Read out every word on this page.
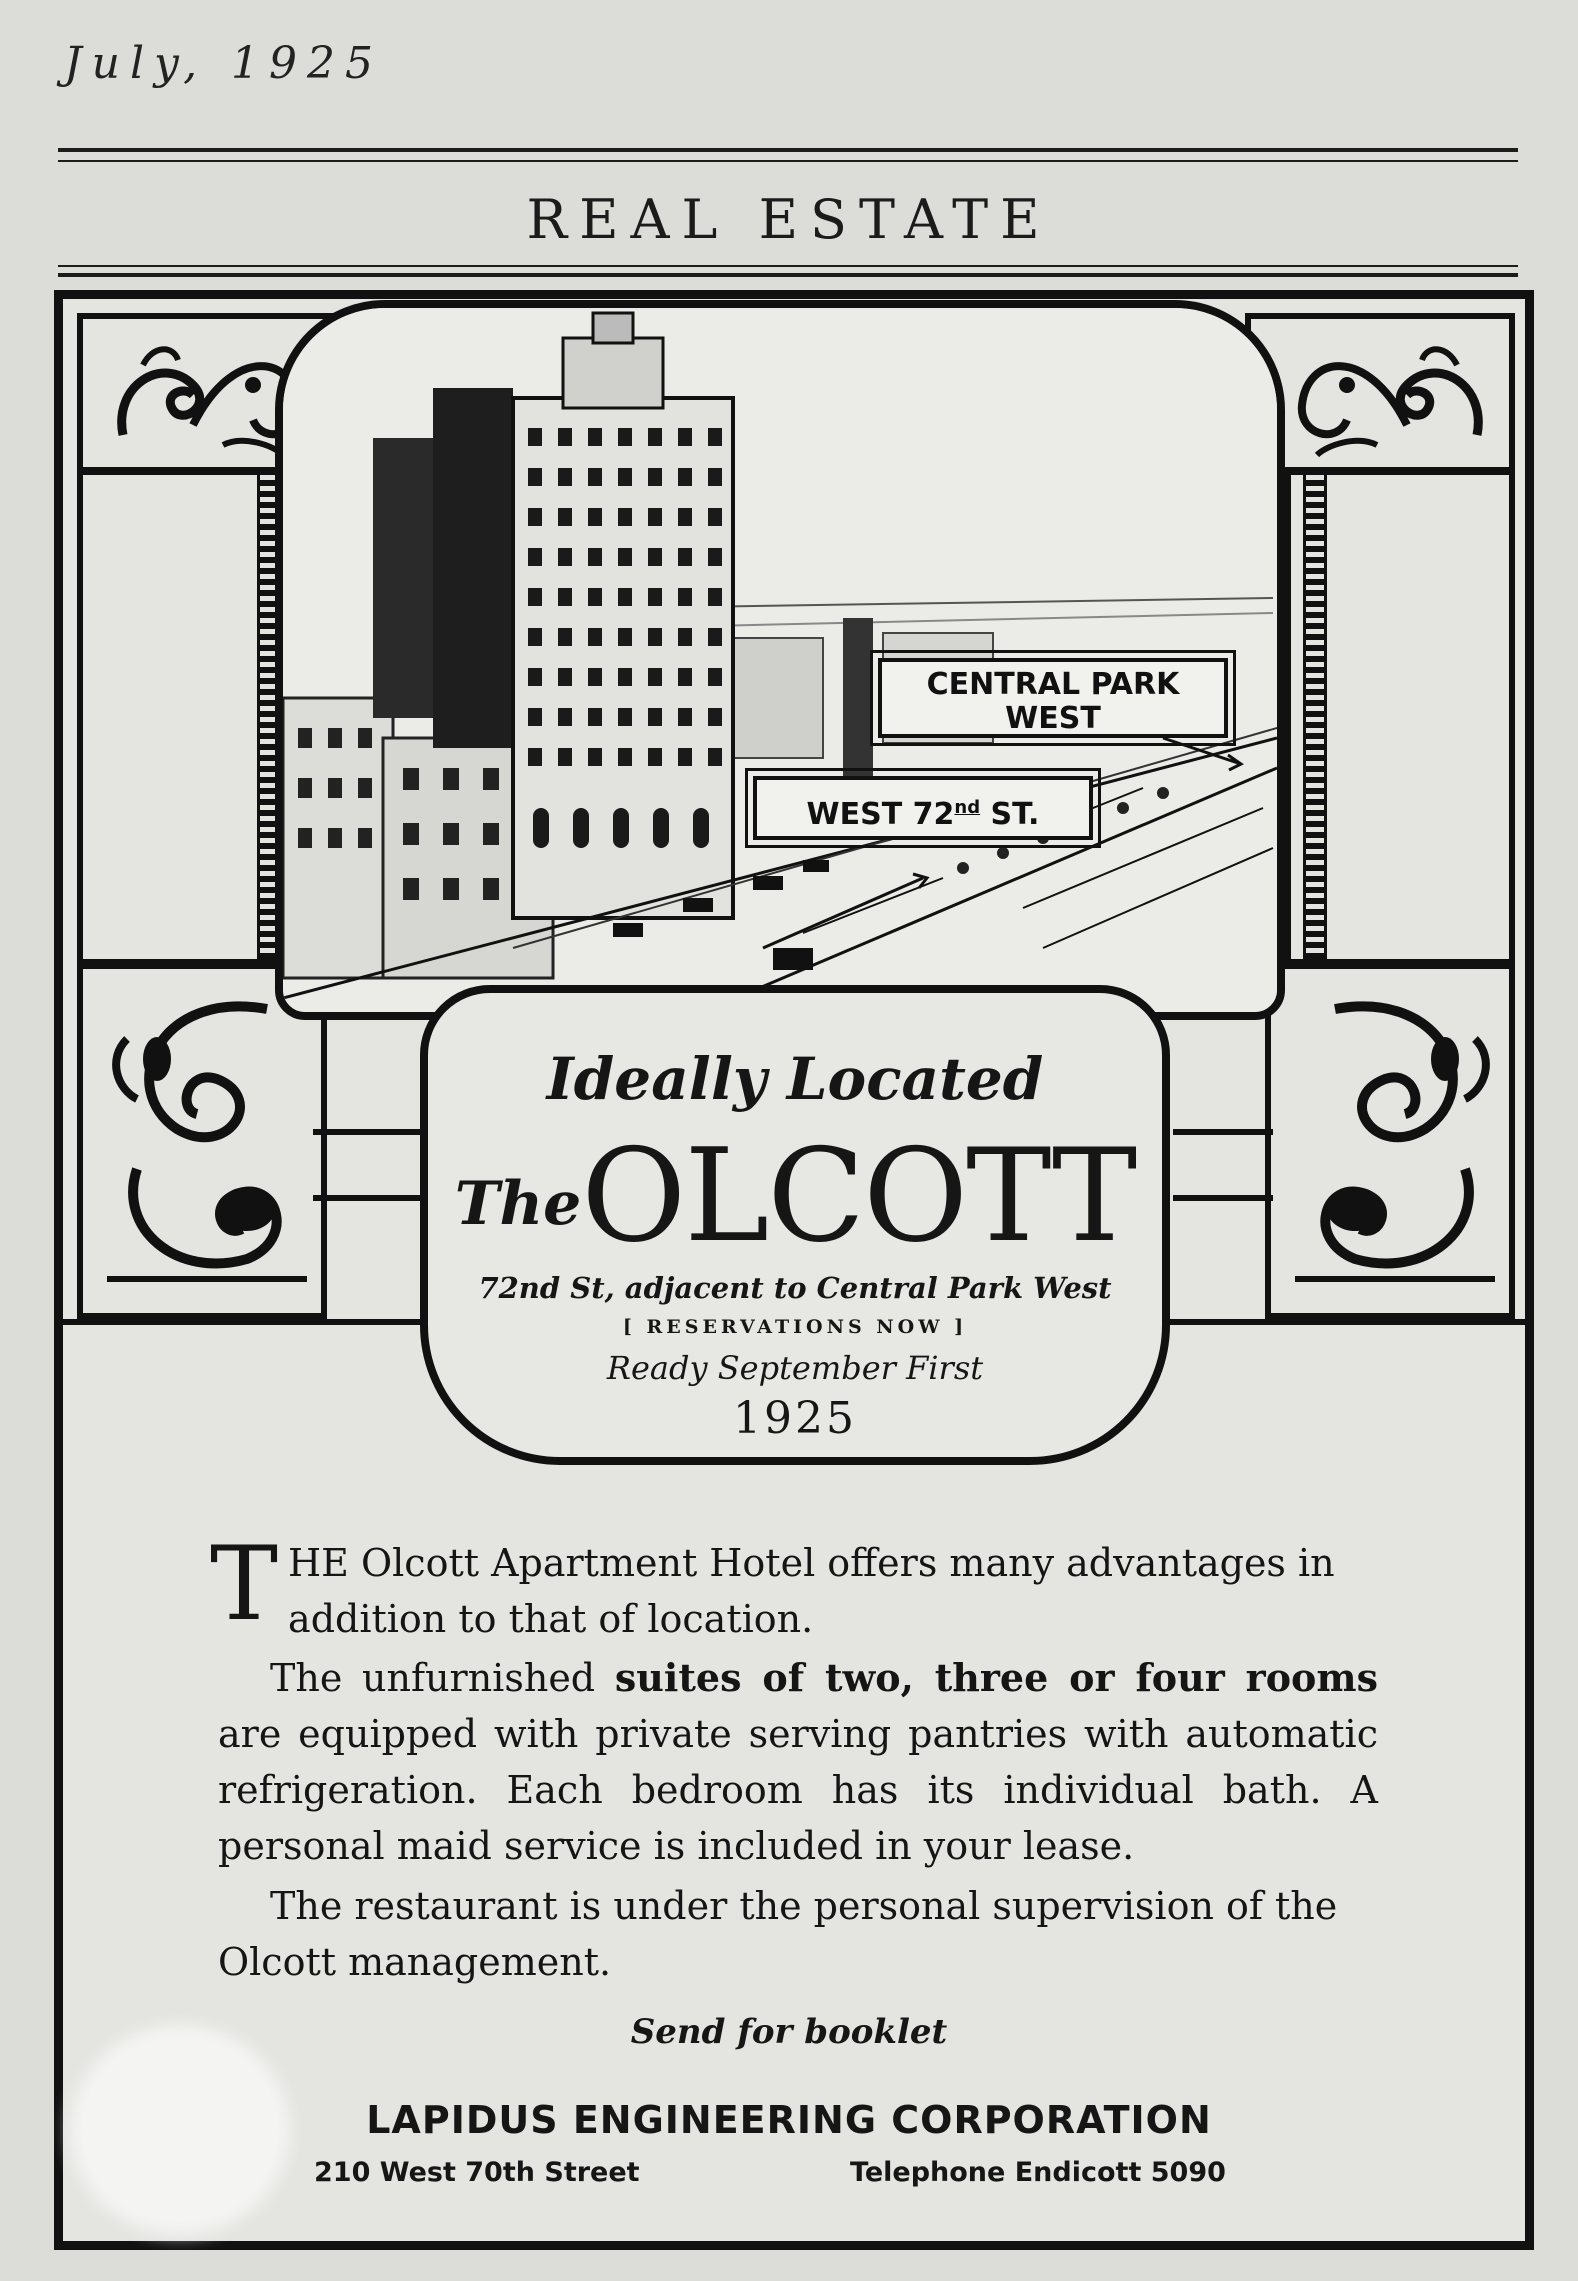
July, 1925
REAL ESTATE
CENTRAL PARK
WEST
WEST 72nd ST.
Ideally Located
TheOLCOTT
72nd St, adjacent to Central Park West
[ RESERVATIONS NOW ]
Ready September First
1925
THE Olcott Apartment Hotel offers many advantages in addition to that of location.
The unfurnished suites of two, three or four rooms are equipped with private serving pantries with automatic refrigeration. Each bedroom has its individual bath. A personal maid service is included in your lease.
The restaurant is under the personal supervision of the Olcott management.
Send for booklet
LAPIDUS ENGINEERING CORPORATION
210 West 70th Street	Telephone Endicott 5090
